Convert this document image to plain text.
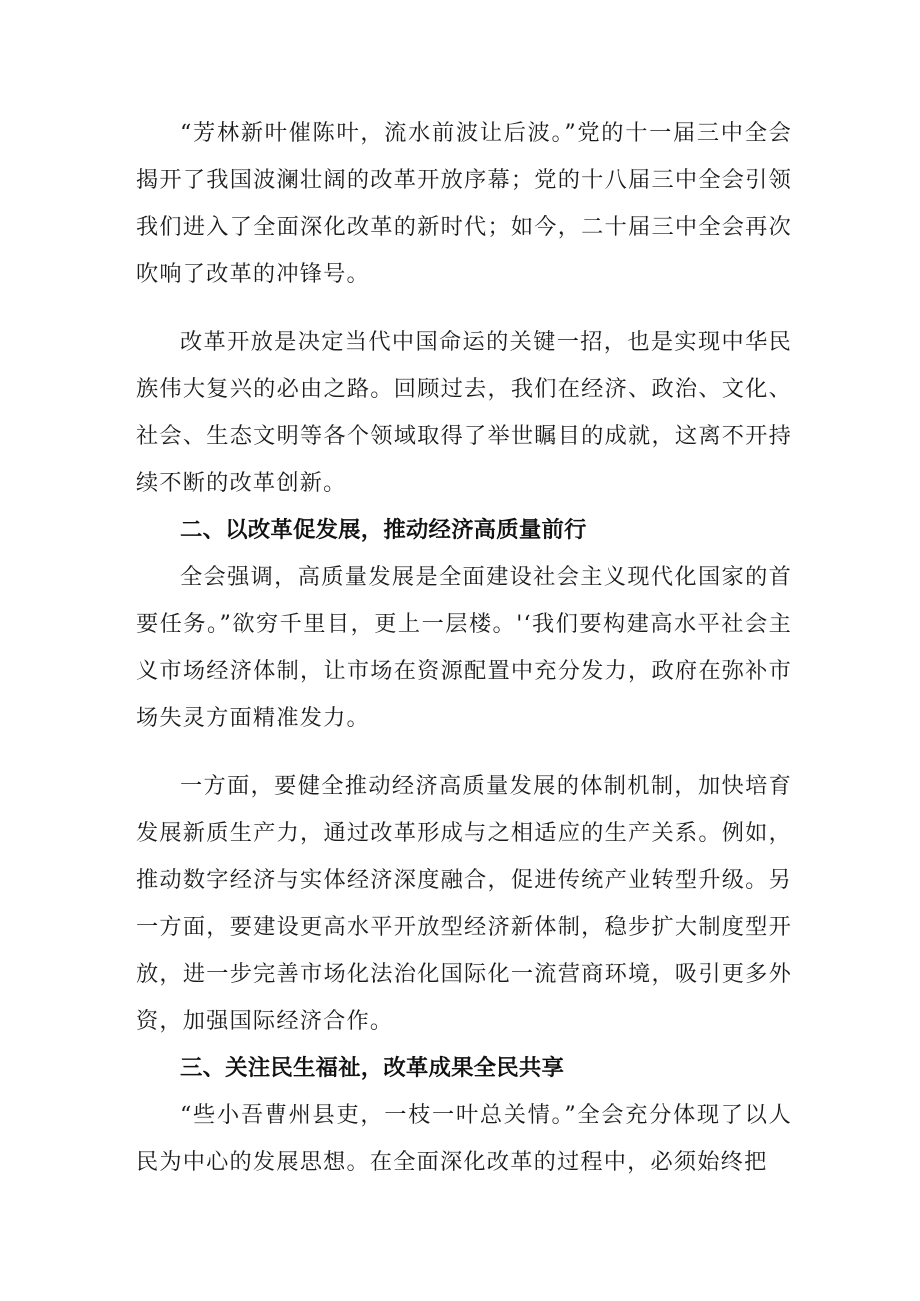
“芳林新叶催陈叶，流水前波让后波。”党的十一届三中全会揭开了我国波澜壮阔的改革开放序幕；党的十八届三中全会引领我们进入了全面深化改革的新时代；如今，二十届三中全会再次吹响了改革的冲锋号。

改革开放是决定当代中国命运的关键一招，也是实现中华民族伟大复兴的必由之路。回顾过去，我们在经济、政治、文化、社会、生态文明等各个领域取得了举世瞩目的成就，这离不开持续不断的改革创新。

二、以改革促发展，推动经济高质量前行

全会强调，高质量发展是全面建设社会主义现代化国家的首要任务。”欲穷千里目，更上一层楼。'‘我们要构建高水平社会主义市场经济体制，让市场在资源配置中充分发力，政府在弥补市场失灵方面精准发力。

一方面，要健全推动经济高质量发展的体制机制，加快培育发展新质生产力，通过改革形成与之相适应的生产关系。例如，推动数字经济与实体经济深度融合，促进传统产业转型升级。另一方面，要建设更高水平开放型经济新体制，稳步扩大制度型开放，进一步完善市场化法治化国际化一流营商环境，吸引更多外资，加强国际经济合作。

三、关注民生福祉，改革成果全民共享

“些小吾曹州县吏，一枝一叶总关情。”全会充分体现了以人民为中心的发展思想。在全面深化改革的过程中，必须始终把
